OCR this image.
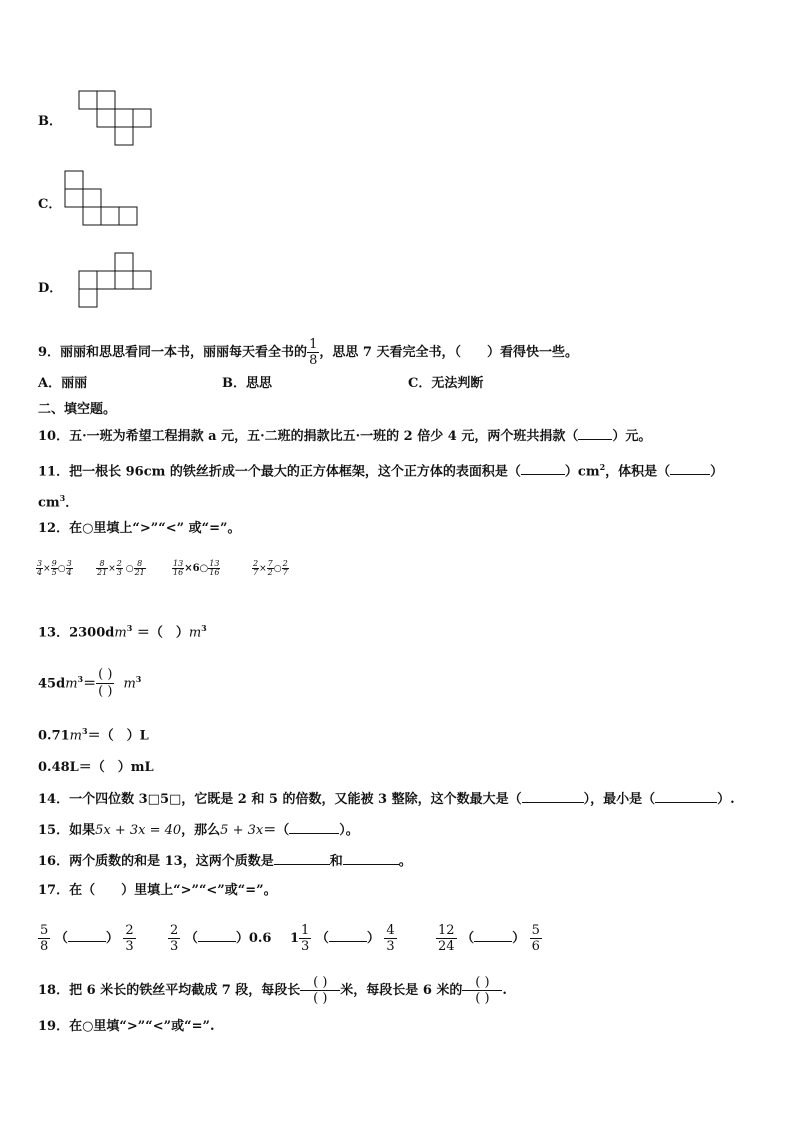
B．
C．
D．
9．丽丽和思思看同一本书，丽丽每天看全书的 $\frac{1}{8}$ ，思思 7 天看完全书，（　　）看得快一些。
A．丽丽	B．思思	C．无法判断
二、填空题。
10．五·一班为希望工程捐款 a 元，五·二班的捐款比五·一班的 2 倍少 4 元，两个班共捐款（	）元。
11．把一根长 96cm 的铁丝折成一个最大的正方体框架，这个正方体的表面积是（	）$cm^2$，体积是（	）
$cm^3$．
12．在○里填上“>”“<” 或“=”。
$\frac{3}{4} \times \frac{9}{5}$ ○ $\frac{3}{4}$	$\frac{8}{21} \times \frac{2}{3}$ ○ $\frac{8}{21}$	$\frac{13}{16}$ ×6○ $\frac{13}{16}$	$\frac{2}{7} \times \frac{7}{2}$ ○ $\frac{2}{7}$
13．$2300dm^3$ ＝（　）$m^3$
$45dm^3= \frac{( )}{( )} m^3$
$0.71m^3=$（　）L
0.48L＝（　）mL
14．一个四位数 3□5□，它既是 2 和 5 的倍数，又能被 3 整除，这个数最大是（	），最小是（	）.
15．如果5x + 3x = 40，那么5 + 3x＝（	）。
16．两个质数的和是 13，这两个质数是	和	。
17．在（　　）里填上“>”“<”或“=”。
$\frac{5}{8}$ （	） $\frac{2}{3} \frac{2}{3}$ （	）0.6 $1 \frac{1}{3}$ （	） $\frac{4}{3}$	$\frac{12}{24}$ （	） $\frac{5}{6}$
18．把 6 米长的铁丝平均截成 7 段，每段长 $\frac{( )}{( )}$ 米，每段长是 6 米的 $\frac{( )}{( )}$ .
19．在○里填“>”“<”或“=”.
